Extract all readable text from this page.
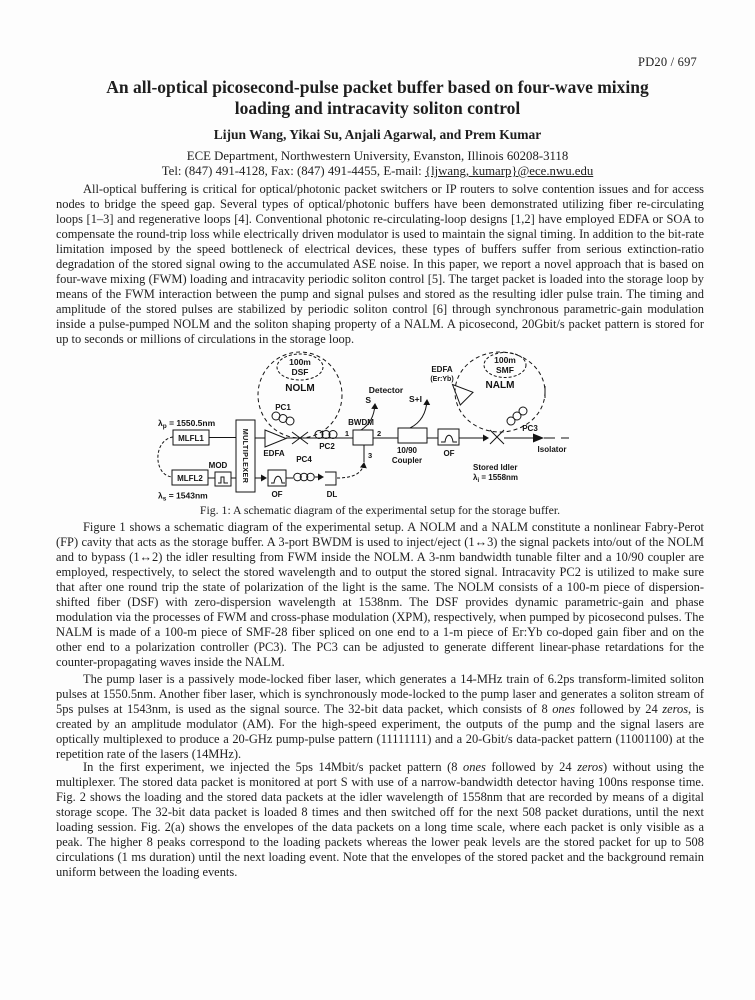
PD20 / 697
An all-optical picosecond-pulse packet buffer based on four-wave mixing
loading and intracavity soliton control
Lijun Wang, Yikai Su, Anjali Agarwal, and Prem Kumar
ECE Department, Northwestern University, Evanston, Illinois 60208-3118
Tel: (847) 491-4128, Fax: (847) 491-4455, E-mail: {ljwang, kumarp}@ece.nwu.edu

All-optical buffering is critical for optical/photonic packet switchers or IP routers to solve contention issues and for access nodes to bridge the speed gap. Several types of optical/photonic buffers have been demonstrated utilizing fiber re-circulating loops [1–3] and regenerative loops [4]. Conventional photonic re-circulating-loop designs [1,2] have employed EDFA or SOA to compensate the round-trip loss while electrically driven modulator is used to maintain the signal timing. In addition to the bit-rate limitation imposed by the speed bottleneck of electrical devices, these types of buffers suffer from serious extinction-ratio degradation of the stored signal owing to the accumulated ASE noise. In this paper, we report a novel approach that is based on four-wave mixing (FWM) loading and intracavity periodic soliton control [5]. The target packet is loaded into the storage loop by means of the FWM interaction between the pump and signal pulses and stored as the resulting idler pulse train. The timing and amplitude of the stored pulses are stabilized by periodic soliton control [6] through synchronous parametric-gain modulation inside a pulse-pumped NOLM and the soliton shaping property of a NALM. A picosecond, 20Gbit/s packet pattern is stored for up to seconds or millions of circulations in the storage loop.

$\lambda_p = 1550.5nm$
MLFL1
MLFL2
MOD
$\lambda_s = 1543nm$
MULTIPLEXER EDFA
100m
DSF
NOLM
PC1
PC2
BWDM
1	2
3
S
Detector
S+I
10/90
Coupler
OF
100m
SMF
NALM
EDFA
(Er:Yb)
PC3
Isolator
Stored Idler
$\lambda_i = 1558nm$
OF
PC4
DL
Fig. 1: A schematic diagram of the experimental setup for the storage buffer.

Figure 1 shows a schematic diagram of the experimental setup. A NOLM and a NALM constitute a nonlinear Fabry-Perot (FP) cavity that acts as the storage buffer. A 3-port BWDM is used to inject/eject (1↔3) the signal packets into/out of the NOLM and to bypass (1↔2) the idler resulting from FWM inside the NOLM. A 3-nm bandwidth tunable filter and a 10/90 coupler are employed, respectively, to select the stored wavelength and to output the stored signal. Intracavity PC2 is utilized to make sure that after one round trip the state of polarization of the light is the same. The NOLM consists of a 100-m piece of dispersion-shifted fiber (DSF) with zero-dispersion wavelength at 1538nm. The DSF provides dynamic parametric-gain and phase modulation via the processes of FWM and cross-phase modulation (XPM), respectively, when pumped by picosecond pulses. The NALM is made of a 100-m piece of SMF-28 fiber spliced on one end to a 1-m piece of Er:Yb co-doped gain fiber and on the other end to a polarization controller (PC3). The PC3 can be adjusted to generate different linear-phase retardations for the counter-propagating waves inside the NALM.

The pump laser is a passively mode-locked fiber laser, which generates a 14-MHz train of 6.2ps transform-limited soliton pulses at 1550.5nm. Another fiber laser, which is synchronously mode-locked to the pump laser and generates a soliton stream of 5ps pulses at 1543nm, is used as the signal source. The 32-bit data packet, which consists of 8 ones followed by 24 zeros, is created by an amplitude modulator (AM). For the high-speed experiment, the outputs of the pump and the signal lasers are optically multiplexed to produce a 20-GHz pump-pulse pattern (11111111) and a 20-Gbit/s data-packet pattern (11001100) at the repetition rate of the lasers (14MHz).

In the first experiment, we injected the 5ps 14Mbit/s packet pattern (8 ones followed by 24 zeros) without using the multiplexer. The stored data packet is monitored at port S with use of a narrow-bandwidth detector having 100ns response time. Fig. 2 shows the loading and the stored data packets at the idler wavelength of 1558nm that are recorded by means of a digital storage scope. The 32-bit data packet is loaded 8 times and then switched off for the next 508 packet durations, until the next loading session. Fig. 2(a) shows the envelopes of the data packets on a long time scale, where each packet is only visible as a peak. The higher 8 peaks correspond to the loading packets whereas the lower peak levels are the stored packet for up to 508 circulations (1 ms duration) until the next loading event. Note that the envelopes of the stored packet and the background remain uniform between the loading events.
